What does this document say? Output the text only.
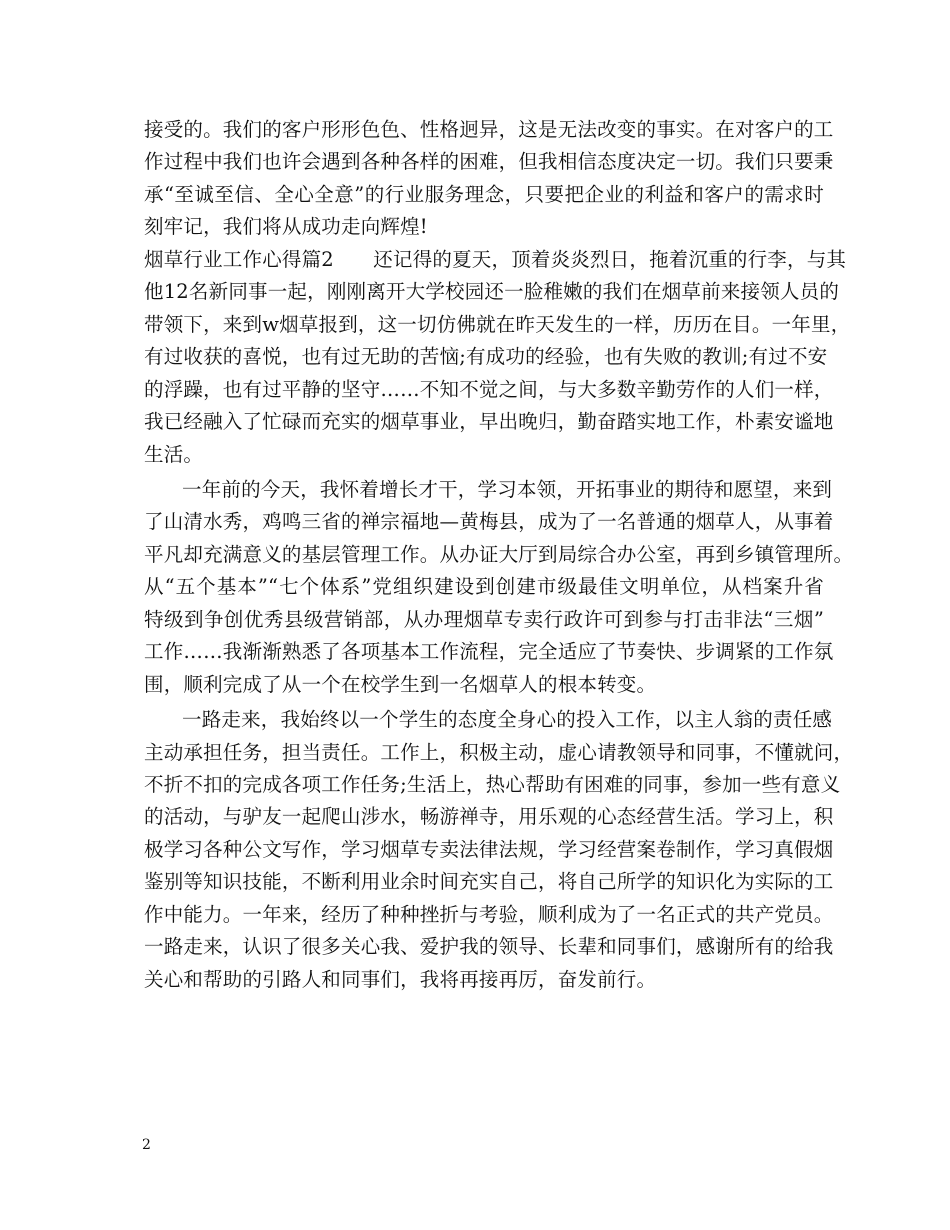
接受的。我们的客户形形色色、性格迥异，这是无法改变的事实。在对客户的工
作过程中我们也许会遇到各种各样的困难，但我相信态度决定一切。我们只要秉
承“至诚至信、全心全意”的行业服务理念，只要把企业的利益和客户的需求时
刻牢记，我们将从成功走向辉煌!
烟草行业工作心得篇2　　还记得的夏天，顶着炎炎烈日，拖着沉重的行李，与其
他12名新同事一起，刚刚离开大学校园还一脸稚嫩的我们在烟草前来接领人员的
带领下，来到w烟草报到，这一切仿佛就在昨天发生的一样，历历在目。一年里，
有过收获的喜悦，也有过无助的苦恼;有成功的经验，也有失败的教训;有过不安
的浮躁，也有过平静的坚守……不知不觉之间，与大多数辛勤劳作的人们一样，
我已经融入了忙碌而充实的烟草事业，早出晚归，勤奋踏实地工作，朴素安谧地
生活。
一年前的今天，我怀着增长才干，学习本领，开拓事业的期待和愿望，来到
了山清水秀，鸡鸣三省的禅宗福地—黄梅县，成为了一名普通的烟草人，从事着
平凡却充满意义的基层管理工作。从办证大厅到局综合办公室，再到乡镇管理所。
从“五个基本”“七个体系”党组织建设到创建市级最佳文明单位，从档案升省
特级到争创优秀县级营销部，从办理烟草专卖行政许可到参与打击非法“三烟”
工作……我渐渐熟悉了各项基本工作流程，完全适应了节奏快、步调紧的工作氛
围，顺利完成了从一个在校学生到一名烟草人的根本转变。
一路走来，我始终以一个学生的态度全身心的投入工作，以主人翁的责任感
主动承担任务，担当责任。工作上，积极主动，虚心请教领导和同事，不懂就问，
不折不扣的完成各项工作任务;生活上，热心帮助有困难的同事，参加一些有意义
的活动，与驴友一起爬山涉水，畅游禅寺，用乐观的心态经营生活。学习上，积
极学习各种公文写作，学习烟草专卖法律法规，学习经营案卷制作，学习真假烟
鉴别等知识技能，不断利用业余时间充实自己，将自己所学的知识化为实际的工
作中能力。一年来，经历了种种挫折与考验，顺利成为了一名正式的共产党员。
一路走来，认识了很多关心我、爱护我的领导、长辈和同事们，感谢所有的给我
关心和帮助的引路人和同事们，我将再接再厉，奋发前行。
2
